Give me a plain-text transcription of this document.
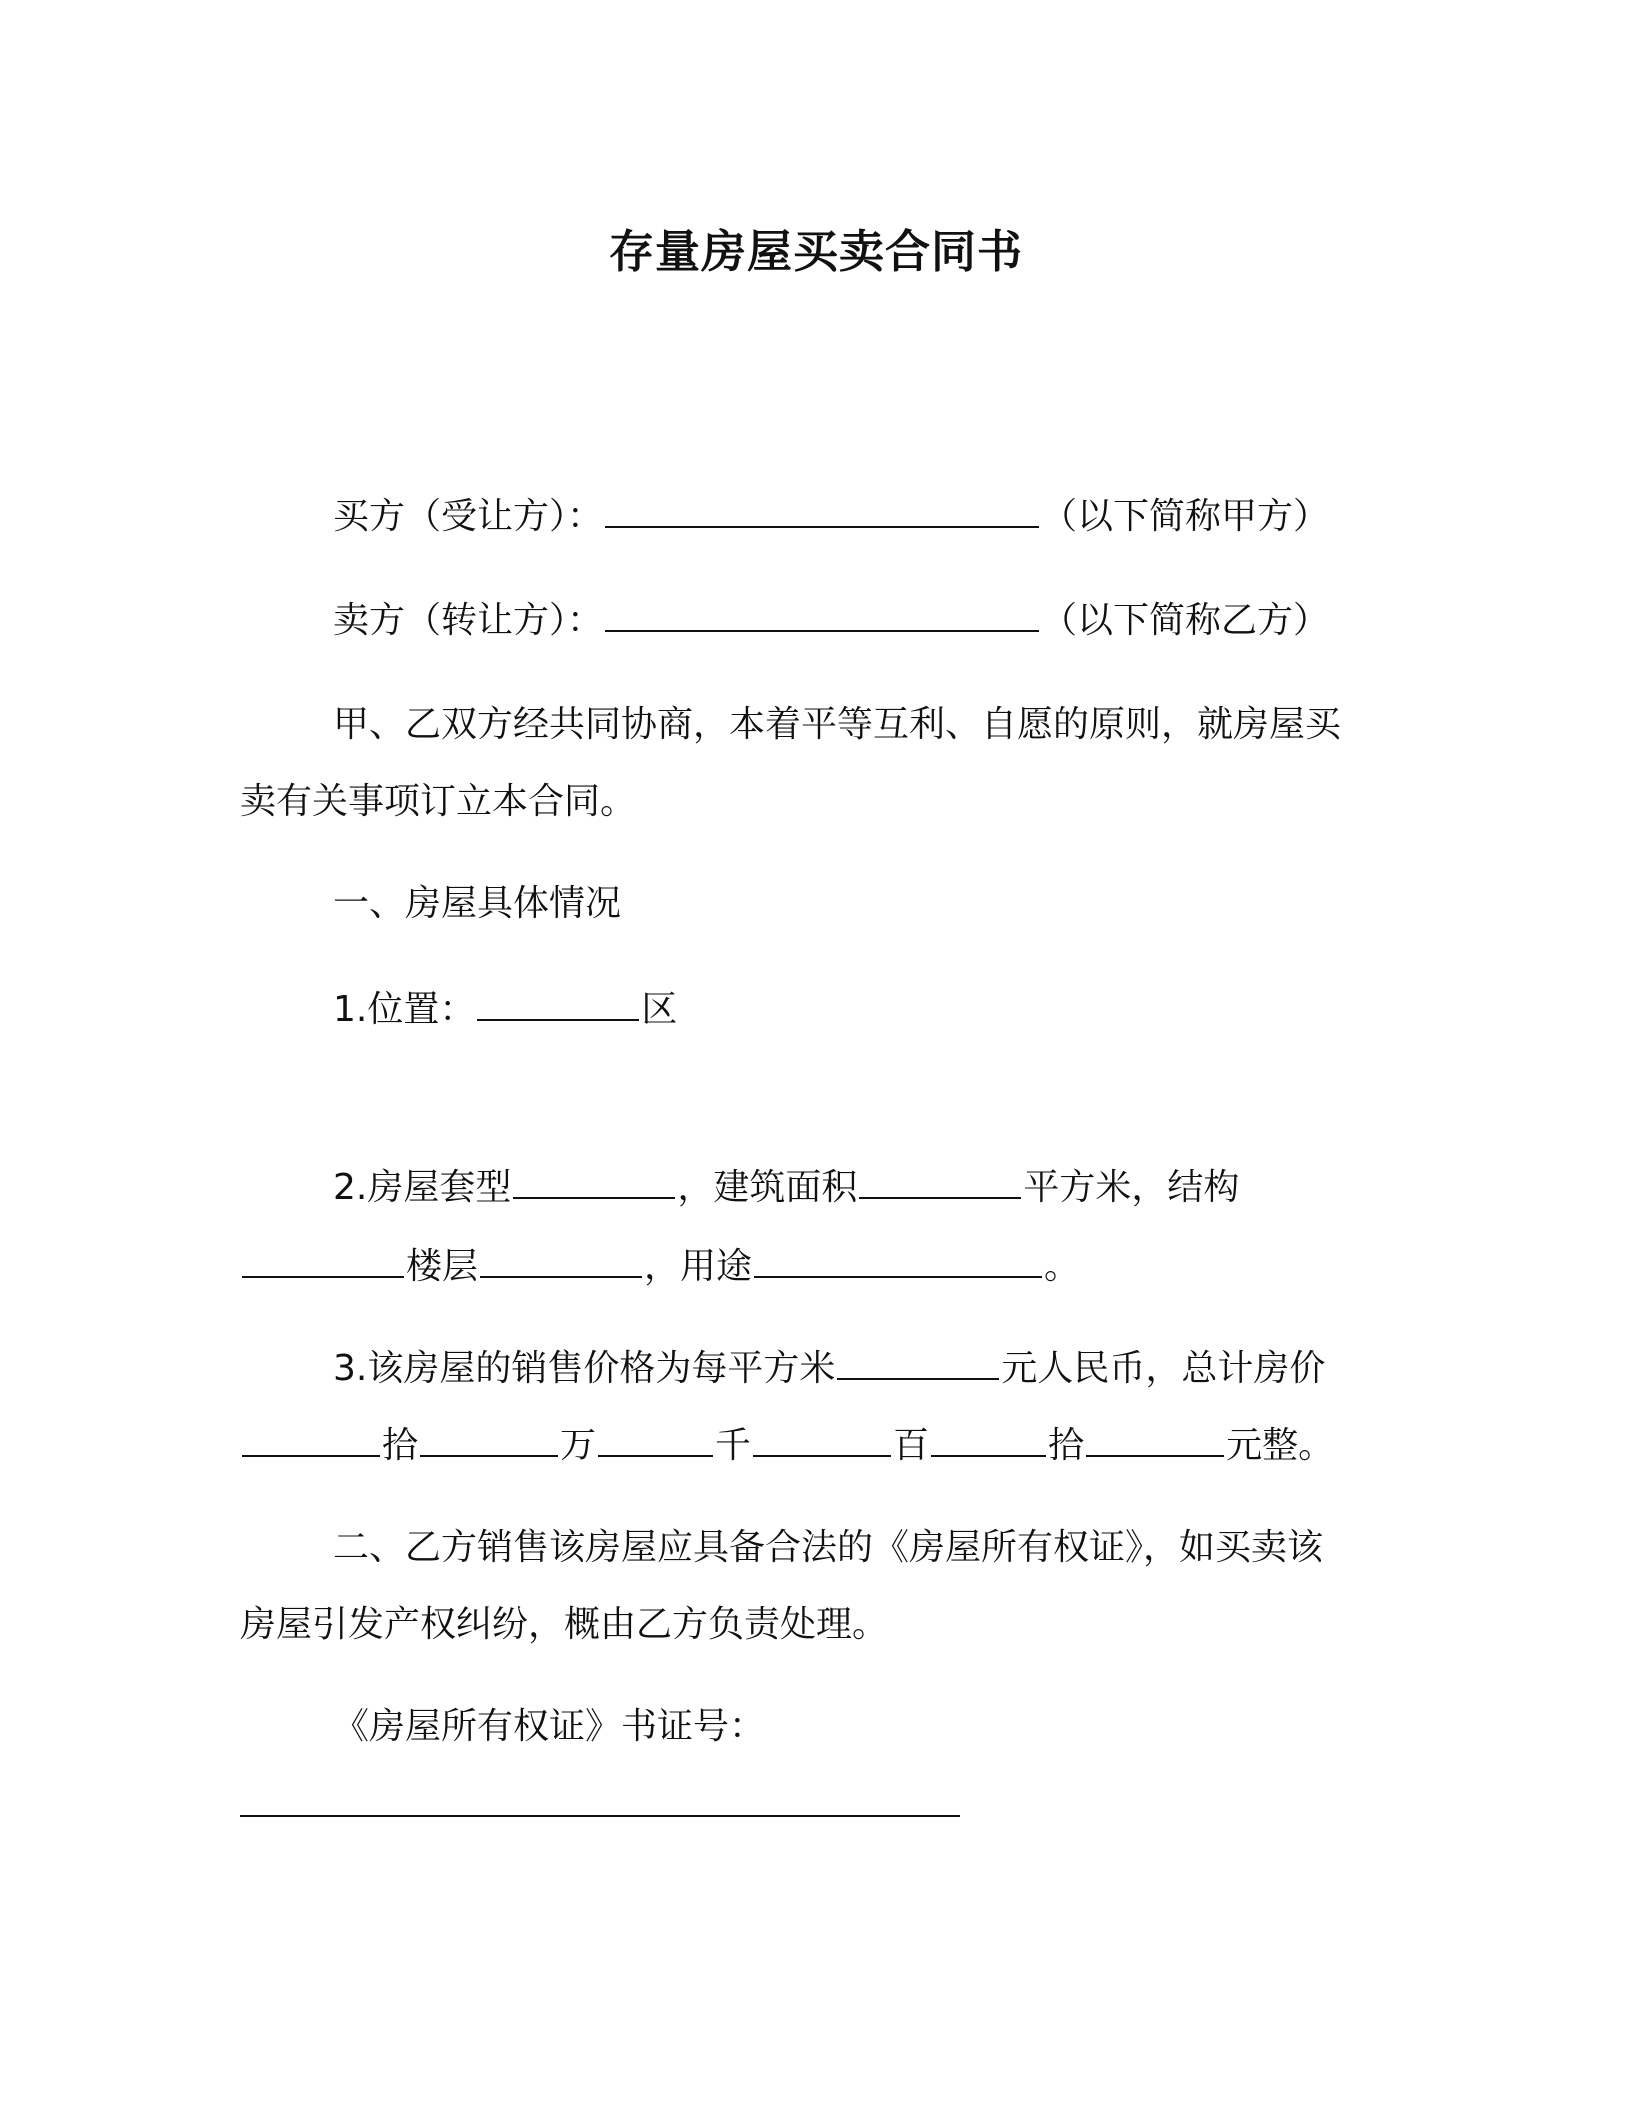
存量房屋买卖合同书
买方（受让方）：	（以下简称甲方）
卖方（转让方）：	（以下简称乙方）
甲、乙双方经共同协商，本着平等互利、自愿的原则，就房屋买
卖有关事项订立本合同。
一、房屋具体情况
1.位置：	区
2.房屋套型	，建筑面积	平方米，结构
楼层	，用途	。
3.该房屋的销售价格为每平方米	元人民币，总计房价
拾	万	千	百	拾	元整。
二、乙方销售该房屋应具备合法的《房屋所有权证》，如买卖该
房屋引发产权纠纷，概由乙方负责处理。
《房屋所有权证》书证号：
